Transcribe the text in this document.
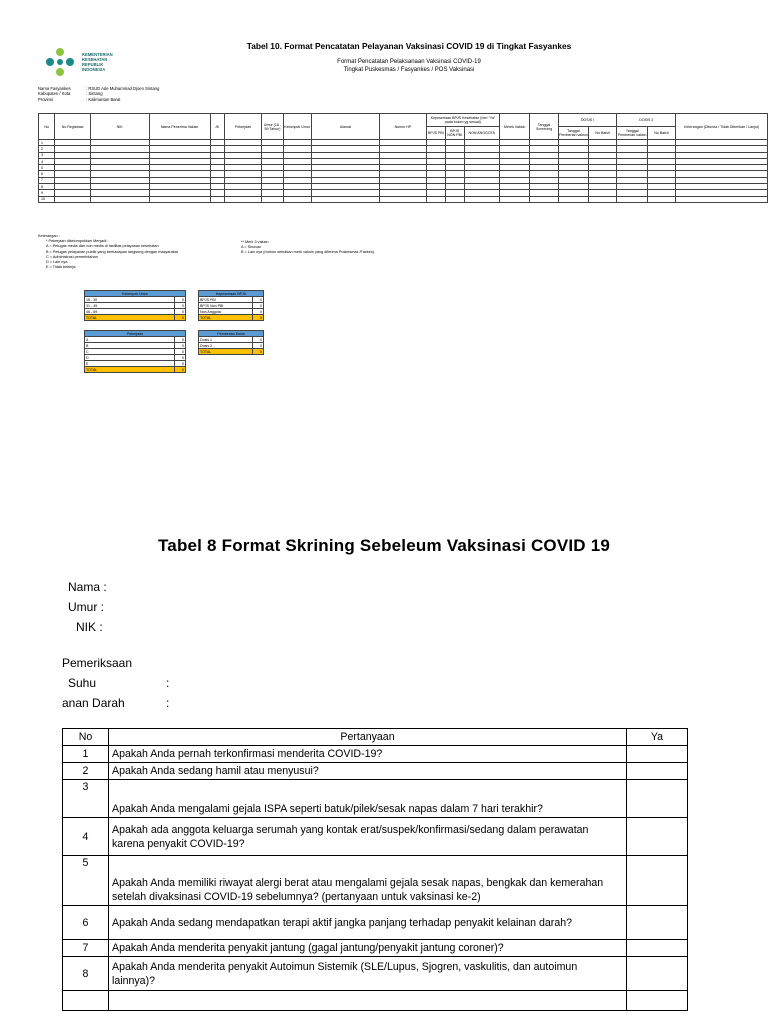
KEMENTERIAN
KESEHATAN
REPUBLIK
INDONESIA
Tabel 10. Format Pencatatan Pelayanan Vaksinasi COVID 19 di Tingkat Fasyankes
Format Pencatatan Pelaksanaan Vaksinasi COVID-19
Tingkat Puskesmas / Fasyankes / POS Vaksinasi
Nama Fasyankes	: RSUD Ade Muhammad Djoen Sintang
Kabupaten / Kota	: Sintang
Provinsi	: Kalimantan Barat
No	No Registrasi	NIK	Nama Penerima Vaksin	JK	Pekerjaan	Umur (18 - 59 Tahun)	Kelompok Umur	Alamat	Nomor HP	Kepesertaan BPJS Kesehatan (beri "Ya" pada kolom yg sesuai)			Merek Vaksin	Tanggal Screening	DOSIS I		DOSIS 2		Keterangan (Ditunda / Tidak Diberikan / Lanjut)
										BPJS PBI	BPJS NON PBI	NON ANGGOTA			Tanggal Pemberian vaksin	No Batch	Tanggal Pemberian vaksin	No Batch	
1																			
2																			
3																			
4																			
5																			
6																			
7																			
8																			
9																			
10																			
Keterangan :
* Pekerjaan dikelompokkan Menjadi :
A = Petugas medis dan non medis di fasilitas pelayanan kesehatan
B = Petugas pelayanan publik yang berhadapan langsung dengan masyarakat
C = Administrasi pemerintahan
D = Lain nya
E = Tidak bekerja
** Merk 3 vaksin
A = Sinovac
B = Lain nya (mohon sebutkan merk vaksin yang diterima Puskesmas /Faskes)
Kelompok Umur	
18 - 30	0
31 - 45	0
46 - 59	0
TOTAL	0
Kepesertaan BPJS	
BPJS PBI	0
BPJS Non PBI	0
Non Anggota	0
TOTAL	0
Pekerjaan	
A	0
B	0
C	0
D	0
E	0
TOTAL	0
Pemberian Dosis	
Dosis 1	0
Dosis 2	0
TOTAL	0
Tabel 8 Format Skrining Sebeleum Vaksinasi COVID 19
Nama :
Umur :
NIK :
Pemeriksaan
Suhu	:
anan Darah	:
No	Pertanyaan	Ya
1	Apakah Anda pernah terkonfirmasi menderita COVID-19?	
2	Apakah Anda sedang hamil atau menyusui?	
3	Apakah Anda mengalami gejala ISPA seperti batuk/pilek/sesak napas dalam 7 hari terakhir?	
4	Apakah ada anggota keluarga serumah yang kontak erat/suspek/konfirmasi/sedang dalam perawatan karena penyakit COVID-19?	
5	Apakah Anda memiliki riwayat alergi berat atau mengalami gejala sesak napas, bengkak dan kemerahan setelah divaksinasi COVID-19 sebelumnya? (pertanyaan untuk vaksinasi ke-2)	
6	Apakah Anda sedang mendapatkan terapi aktif jangka panjang terhadap penyakit kelainan darah?	
7	Apakah Anda menderita penyakit jantung (gagal jantung/penyakit jantung coroner)?	
8	Apakah Anda menderita penyakit Autoimun Sistemik (SLE/Lupus, Sjogren, vaskulitis, dan autoimun lainnya)?	
